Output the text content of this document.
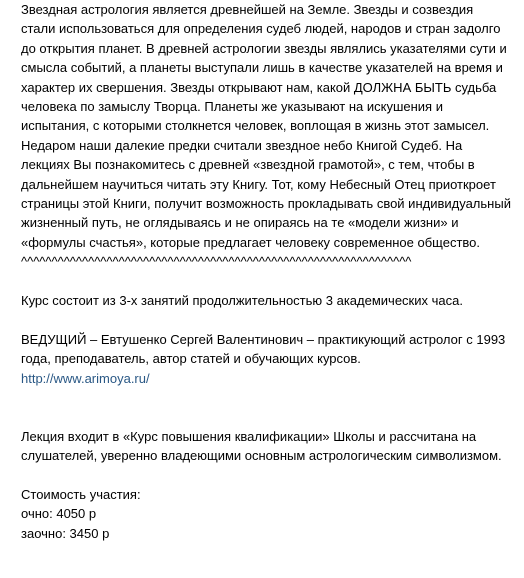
Звездная астрология является древнейшей на Земле. Звезды и созвездия стали использоваться для определения судеб людей, народов и стран задолго до открытия планет. В древней астрологии звезды являлись указателями сути и смысла событий, а планеты выступали лишь в качестве указателей на время и характер их свершения. Звезды открывают нам, какой ДОЛЖНА БЫТЬ судьба человека по замыслу Творца. Планеты же указывают на искушения и испытания, с которыми столкнется человек, воплощая в жизнь этот замысел. Недаром наши далекие предки считали звездное небо Книгой Судеб. На лекциях Вы познакомитесь с древней «звездной грамотой», с тем, чтобы в дальнейшем научиться читать эту Книгу. Тот, кому Небесный Отец приоткроет страницы этой Книги, получит возможность прокладывать свой индивидуальный жизненный путь, не оглядываясь и не опираясь на те «модели жизни» и «формулы счастья», которые предлагает человеку современное общество.

^^^^^^^^^^^^^^^^^^^^^^^^^^^^^^^^^^^^^^^^^^^^^^^^^^^^^^^^^^^^^^^^

Курс состоит из 3-х занятий продолжительностью 3 академических часа.

ВЕДУЩИЙ – Евтушенко Сергей Валентинович – практикующий астролог с 1993 года, преподаватель, автор статей и обучающих курсов.

http://www.arimoya.ru/

Лекция входит в «Курс повышения квалификации» Школы и рассчитана на слушателей, уверенно владеющими основным астрологическим символизмом.

Стоимость участия:

очно: 4050 р

заочно: 3450 р
